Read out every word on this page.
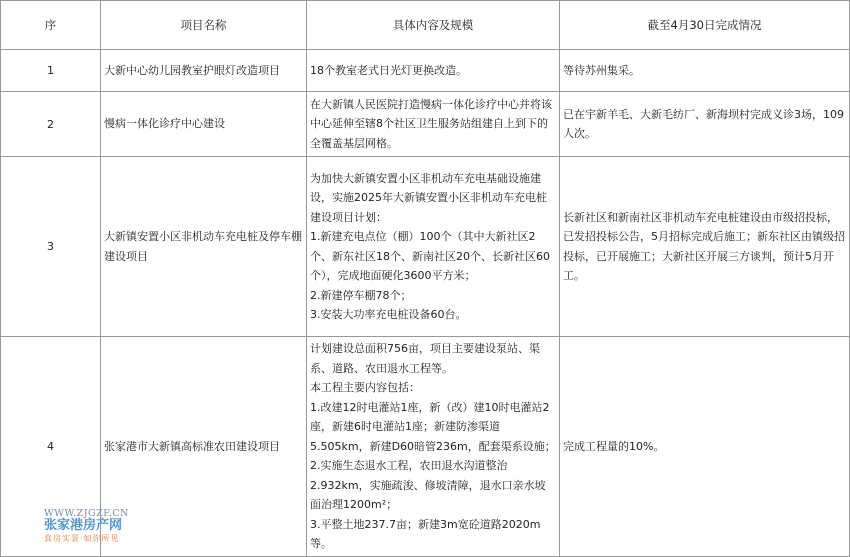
序	项目名称	具体内容及规模	截至4月30日完成情况
1	大新中心幼儿园教室护眼灯改造项目	18个教室老式日光灯更换改造。	等待苏州集采。
2	慢病一体化诊疗中心建设	在大新镇人民医院打造慢病一体化诊疗中心并将该中心延伸至辖8个社区卫生服务站组建自上到下的全覆盖基层网格。	已在宇新羊毛、大新毛纺厂、新海坝村完成义诊3场，109人次。
3	大新镇安置小区非机动车充电桩及停车棚建设项目	为加快大新镇安置小区非机动车充电基础设施建设，实施2025年大新镇安置小区非机动车充电桩建设项目计划：
1.新建充电点位（棚）100个（其中大新社区2个、新东社区18个、新南社区20个、长新社区60个），完成地面硬化3600平方米；
2.新建停车棚78个；
3.安装大功率充电桩设备60台。	长新社区和新南社区非机动车充电桩建设由市级招投标，已发招投标公告，5月招标完成后施工；新东社区由镇级招投标，已开展施工；大新社区开展三方谈判，预计5月开工。
4	张家港市大新镇高标准农田建设项目	计划建设总面积756亩，项目主要建设泵站、渠系、道路、农田退水工程等。
本工程主要内容包括：
1.改建12时电灌站1座，新（改）建10时电灌站2座，新建6时电灌站1座；新建防渗渠道5.505km，新建D60暗管236m，配套渠系设施；
2.实施生态退水工程，农田退水沟道整治2.932km，实施疏浚、修坡清障，退水口亲水坡面治理1200m²；
3.平整土地237.7亩；新建3m宽砼道路2020m等。	完成工程量的10%。
WWW.ZJGZF.CN
张家港房产网
真房实景·如你所见
